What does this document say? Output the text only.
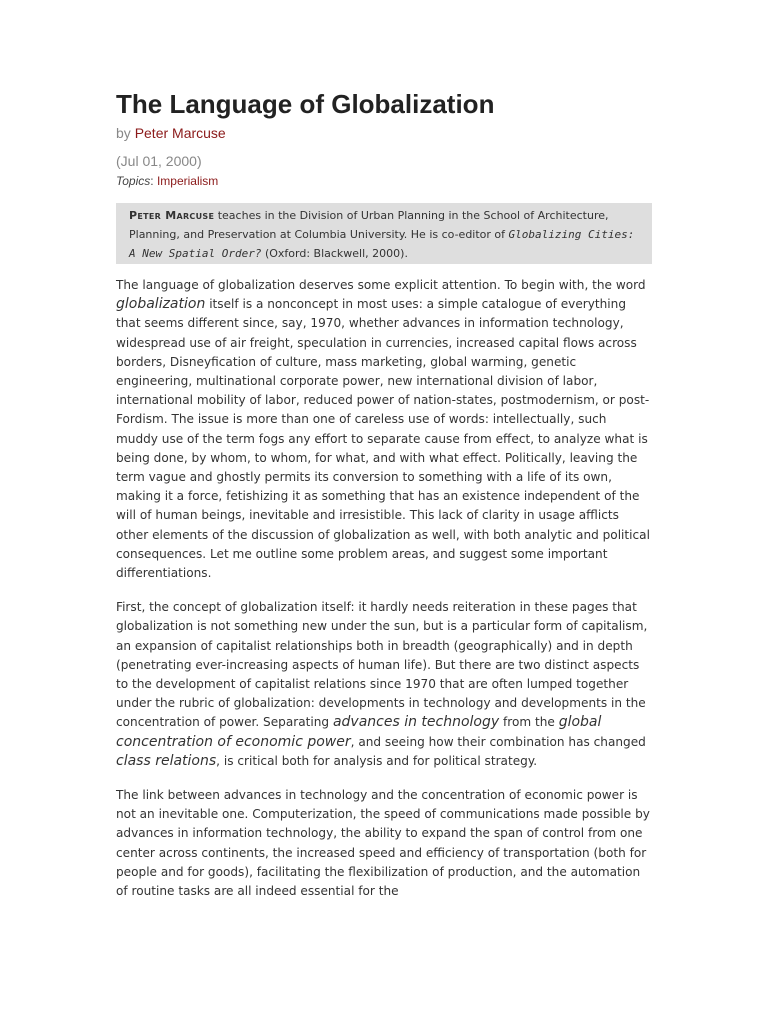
The Language of Globalization
by Peter Marcuse
(Jul 01, 2000)
Topics: Imperialism
Peter Marcuse teaches in the Division of Urban Planning in the School of Architecture, Planning, and Preservation at Columbia University. He is co-editor of Globalizing Cities: A New Spatial Order? (Oxford: Blackwell, 2000).

The language of globalization deserves some explicit attention. To begin with, the word globalization itself is a nonconcept in most uses: a simple catalogue of everything that seems different since, say, 1970, whether advances in information technology, widespread use of air freight, speculation in currencies, increased capital flows across borders, Disneyfication of culture, mass marketing, global warming, genetic engineering, multinational corporate power, new international division of labor, international mobility of labor, reduced power of nation-states, postmodernism, or post-Fordism. The issue is more than one of careless use of words: intellectually, such muddy use of the term fogs any effort to separate cause from effect, to analyze what is being done, by whom, to whom, for what, and with what effect. Politically, leaving the term vague and ghostly permits its conversion to something with a life of its own, making it a force, fetishizing it as something that has an existence independent of the will of human beings, inevitable and irresistible. This lack of clarity in usage afflicts other elements of the discussion of globalization as well, with both analytic and political consequences. Let me outline some problem areas, and suggest some important differentiations.

First, the concept of globalization itself: it hardly needs reiteration in these pages that globalization is not something new under the sun, but is a particular form of capitalism, an expansion of capitalist relationships both in breadth (geographically) and in depth (penetrating ever-increasing aspects of human life). But there are two distinct aspects to the development of capitalist relations since 1970 that are often lumped together under the rubric of globalization: developments in technology and developments in the concentration of power. Separating advances in technology from the global concentration of economic power, and seeing how their combination has changed class relations, is critical both for analysis and for political strategy.

The link between advances in technology and the concentration of economic power is not an inevitable one. Computerization, the speed of communications made possible by advances in information technology, the ability to expand the span of control from one center across continents, the increased speed and efficiency of transportation (both for people and for goods), facilitating the flexibilization of production, and the automation of routine tasks are all indeed essential for the
